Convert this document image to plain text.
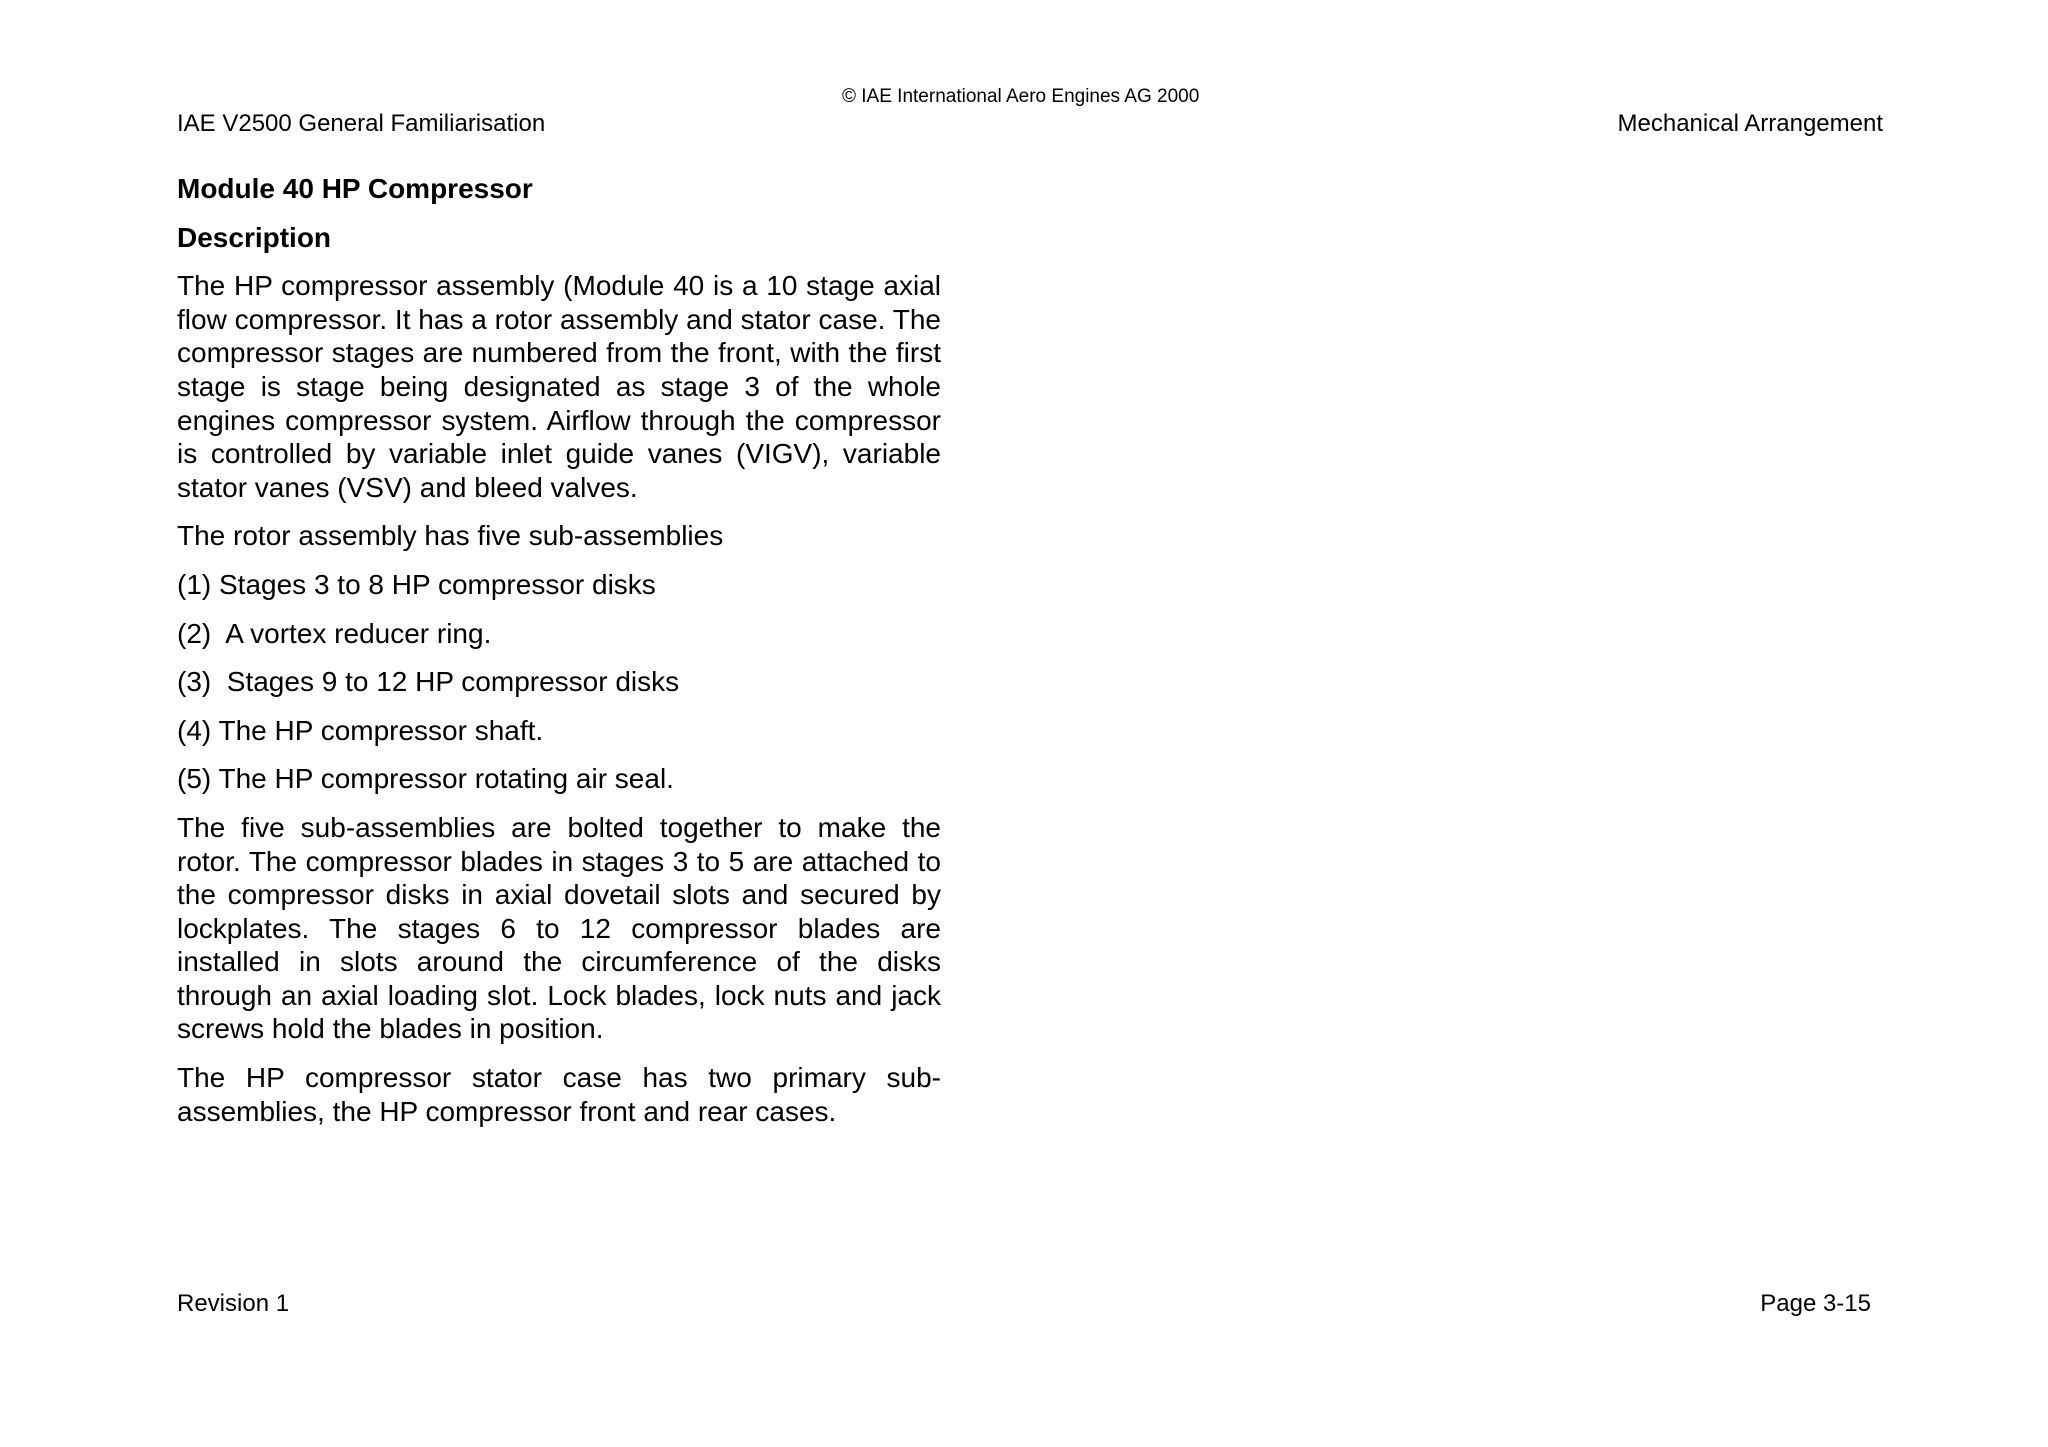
© IAE International Aero Engines AG 2000
IAE V2500 General Familiarisation	Mechanical Arrangement
Module 40 HP Compressor
Description

The HP compressor assembly (Module 40 is a 10 stage axial flow compressor. It has a rotor assembly and stator case. The compressor stages are numbered from the front, with the first stage is stage being designated as stage 3 of the whole engines compressor system. Airflow through the compressor is controlled by variable inlet guide vanes (VIGV), variable stator vanes (VSV) and bleed valves.

The rotor assembly has five sub-assemblies

(1) Stages 3 to 8 HP compressor disks
(2)  A vortex reducer ring.
(3)  Stages 9 to 12 HP compressor disks
(4) The HP compressor shaft.
(5) The HP compressor rotating air seal.

The five sub-assemblies are bolted together to make the rotor. The compressor blades in stages 3 to 5 are attached to the compressor disks in axial dovetail slots and secured by lockplates. The stages 6 to 12 compressor blades are installed in slots around the circumference of the disks through an axial loading slot. Lock blades, lock nuts and jack screws hold the blades in position.

The HP compressor stator case has two primary sub-assemblies, the HP compressor front and rear cases.

Revision 1	Page 3-15
